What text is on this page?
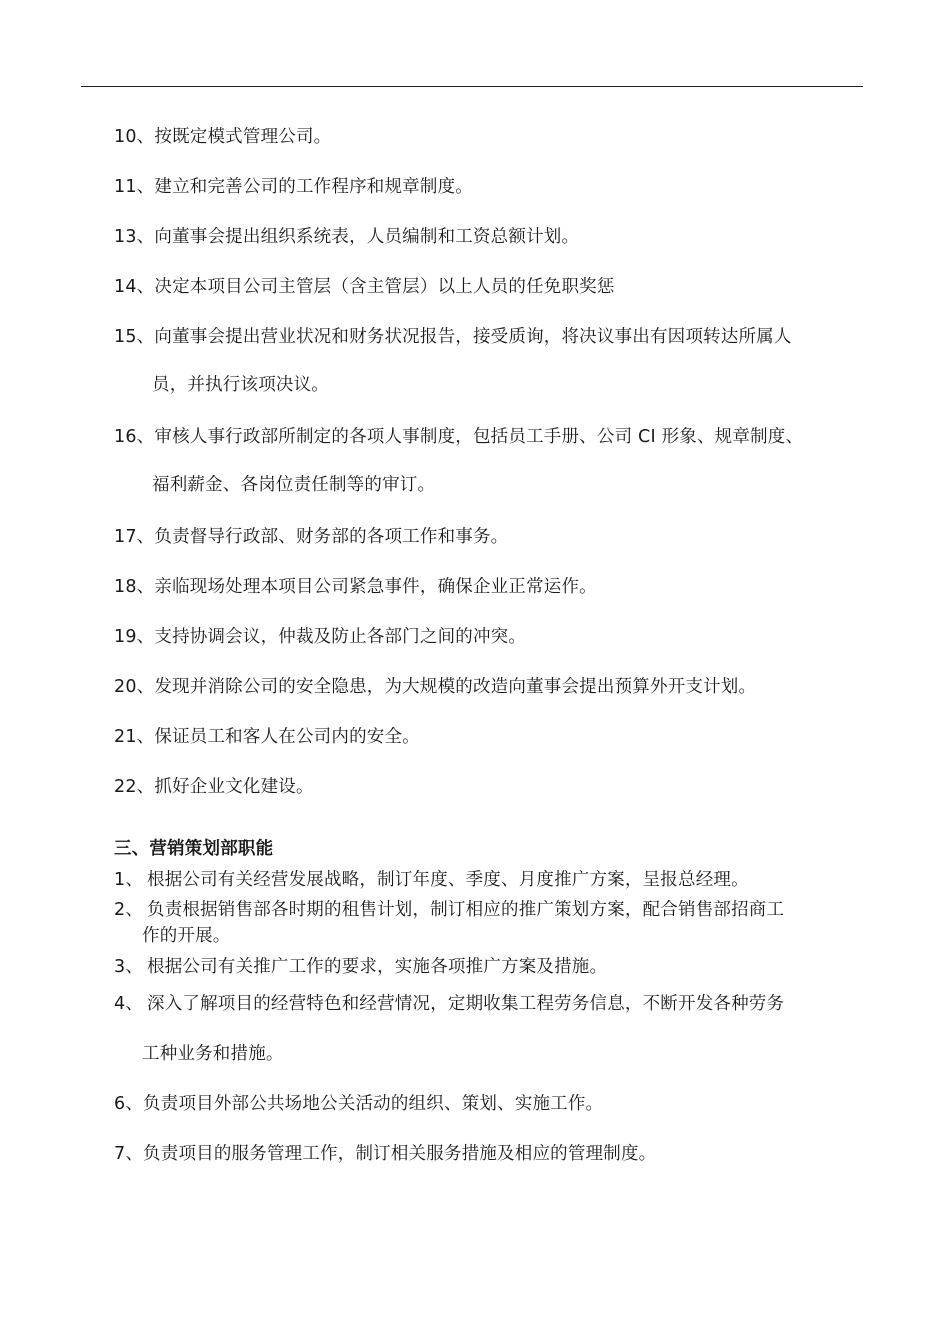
10、按既定模式管理公司。
11、建立和完善公司的工作程序和规章制度。
13、向董事会提出组织系统表，人员编制和工资总额计划。
14、决定本项目公司主管层（含主管层）以上人员的任免职奖惩
15、向董事会提出营业状况和财务状况报告，接受质询，将决议事出有因项转达所属人
员，并执行该项决议。
16、审核人事行政部所制定的各项人事制度，包括员工手册、公司 CI 形象、规章制度、
福利薪金、各岗位责任制等的审订。
17、负责督导行政部、财务部的各项工作和事务。
18、亲临现场处理本项目公司紧急事件，确保企业正常运作。
19、支持协调会议，仲裁及防止各部门之间的冲突。
20、发现并消除公司的安全隐患，为大规模的改造向董事会提出预算外开支计划。
21、保证员工和客人在公司内的安全。
22、抓好企业文化建设。
三、营销策划部职能
1、 根据公司有关经营发展战略，制订年度、季度、月度推广方案，呈报总经理。
2、 负责根据销售部各时期的租售计划，制订相应的推广策划方案，配合销售部招商工
作的开展。
3、 根据公司有关推广工作的要求，实施各项推广方案及措施。
4、 深入了解项目的经营特色和经营情况，定期收集工程劳务信息，不断开发各种劳务
工种业务和措施。
6、负责项目外部公共场地公关活动的组织、策划、实施工作。
7、负责项目的服务管理工作，制订相关服务措施及相应的管理制度。
